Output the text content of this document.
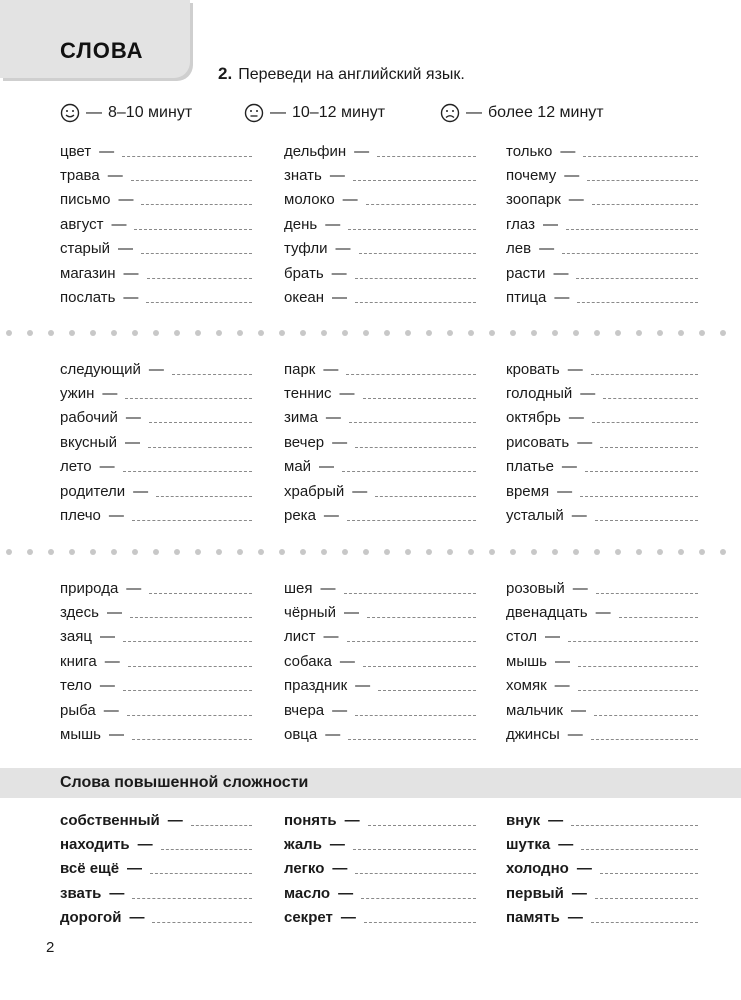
СЛОВА
2. Переведи на английский язык.
— 8–10 минут	— 10–12 минут	— более 12 минут
цвет —
трава —
письмо —
август —
старый —
магазин —
послать —
дельфин —
знать —
молоко —
день —
туфли —
брать —
океан —
только —
почему —
зоопарк —
глаз —
лев —
расти —
птица —
следующий —
ужин —
рабочий —
вкусный —
лето —
родители —
плечо —
парк —
теннис —
зима —
вечер —
май —
храбрый —
река —
кровать —
голодный —
октябрь —
рисовать —
платье —
время —
усталый —
природа —
здесь —
заяц —
книга —
тело —
рыба —
мышь —
шея —
чёрный —
лист —
собака —
праздник —
вчера —
овца —
розовый —
двенадцать —
стол —
мышь —
хомяк —
мальчик —
джинсы —
Слова повышенной сложности
собственный —
находить —
всё ещё —
звать —
дорогой —
понять —
жаль —
легко —
масло —
секрет —
внук —
шутка —
холодно —
первый —
память —
2
